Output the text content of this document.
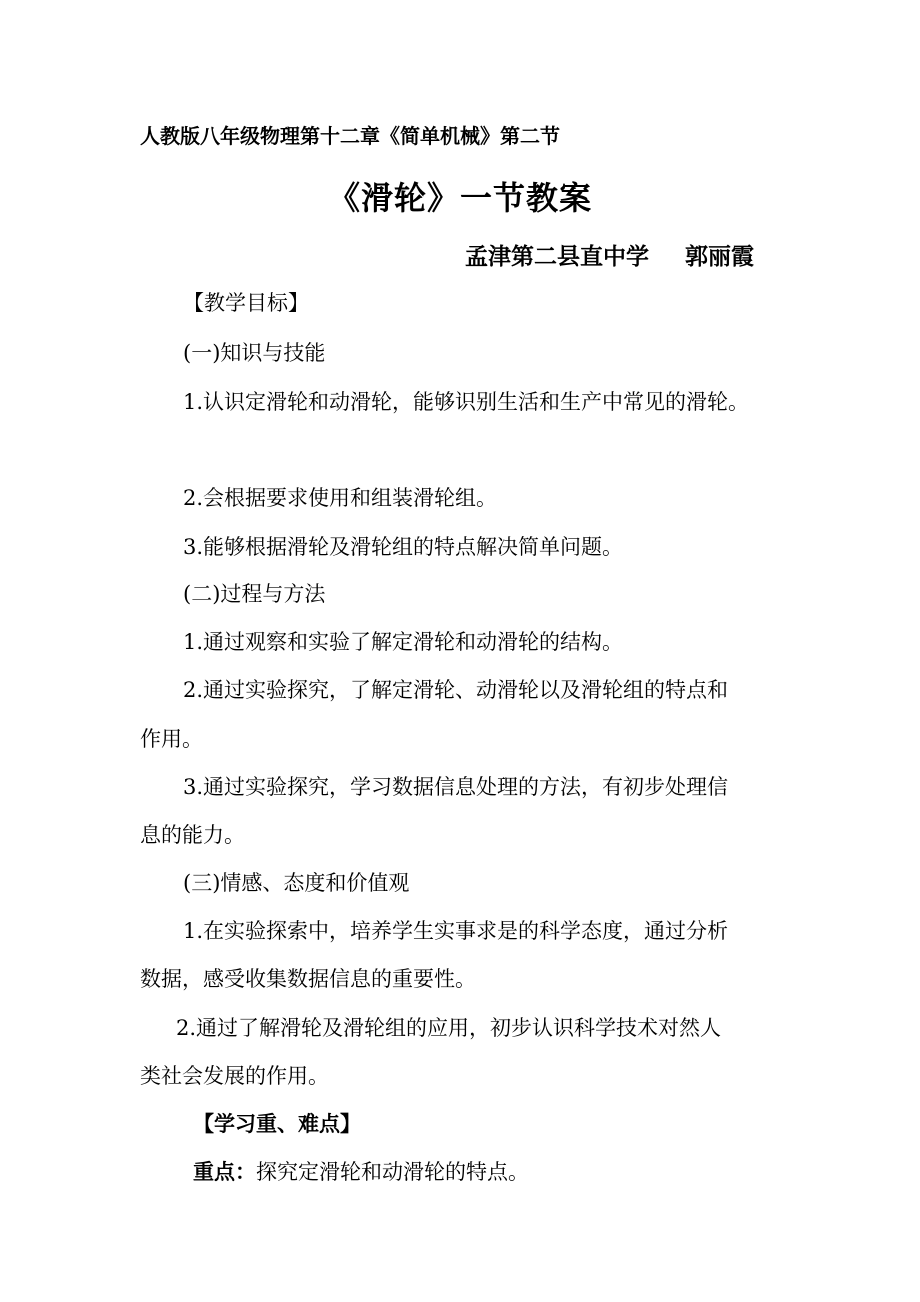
人教版八年级物理第十二章《简单机械》第二节
《滑轮》一节教案
孟津第二县直中学 郭丽霞
【教学目标】
(一)知识与技能
1.认识定滑轮和动滑轮，能够识别生活和生产中常见的滑轮。
2.会根据要求使用和组装滑轮组。
3.能够根据滑轮及滑轮组的特点解决简单问题。
(二)过程与方法
1.通过观察和实验了解定滑轮和动滑轮的结构。
2.通过实验探究，了解定滑轮、动滑轮以及滑轮组的特点和
作用。
3.通过实验探究，学习数据信息处理的方法，有初步处理信
息的能力。
(三)情感、态度和价值观
1.在实验探索中，培养学生实事求是的科学态度，通过分析
数据，感受收集数据信息的重要性。
2.通过了解滑轮及滑轮组的应用，初步认识科学技术对然人
类社会发展的作用。
【学习重、难点】
重点：探究定滑轮和动滑轮的特点。
